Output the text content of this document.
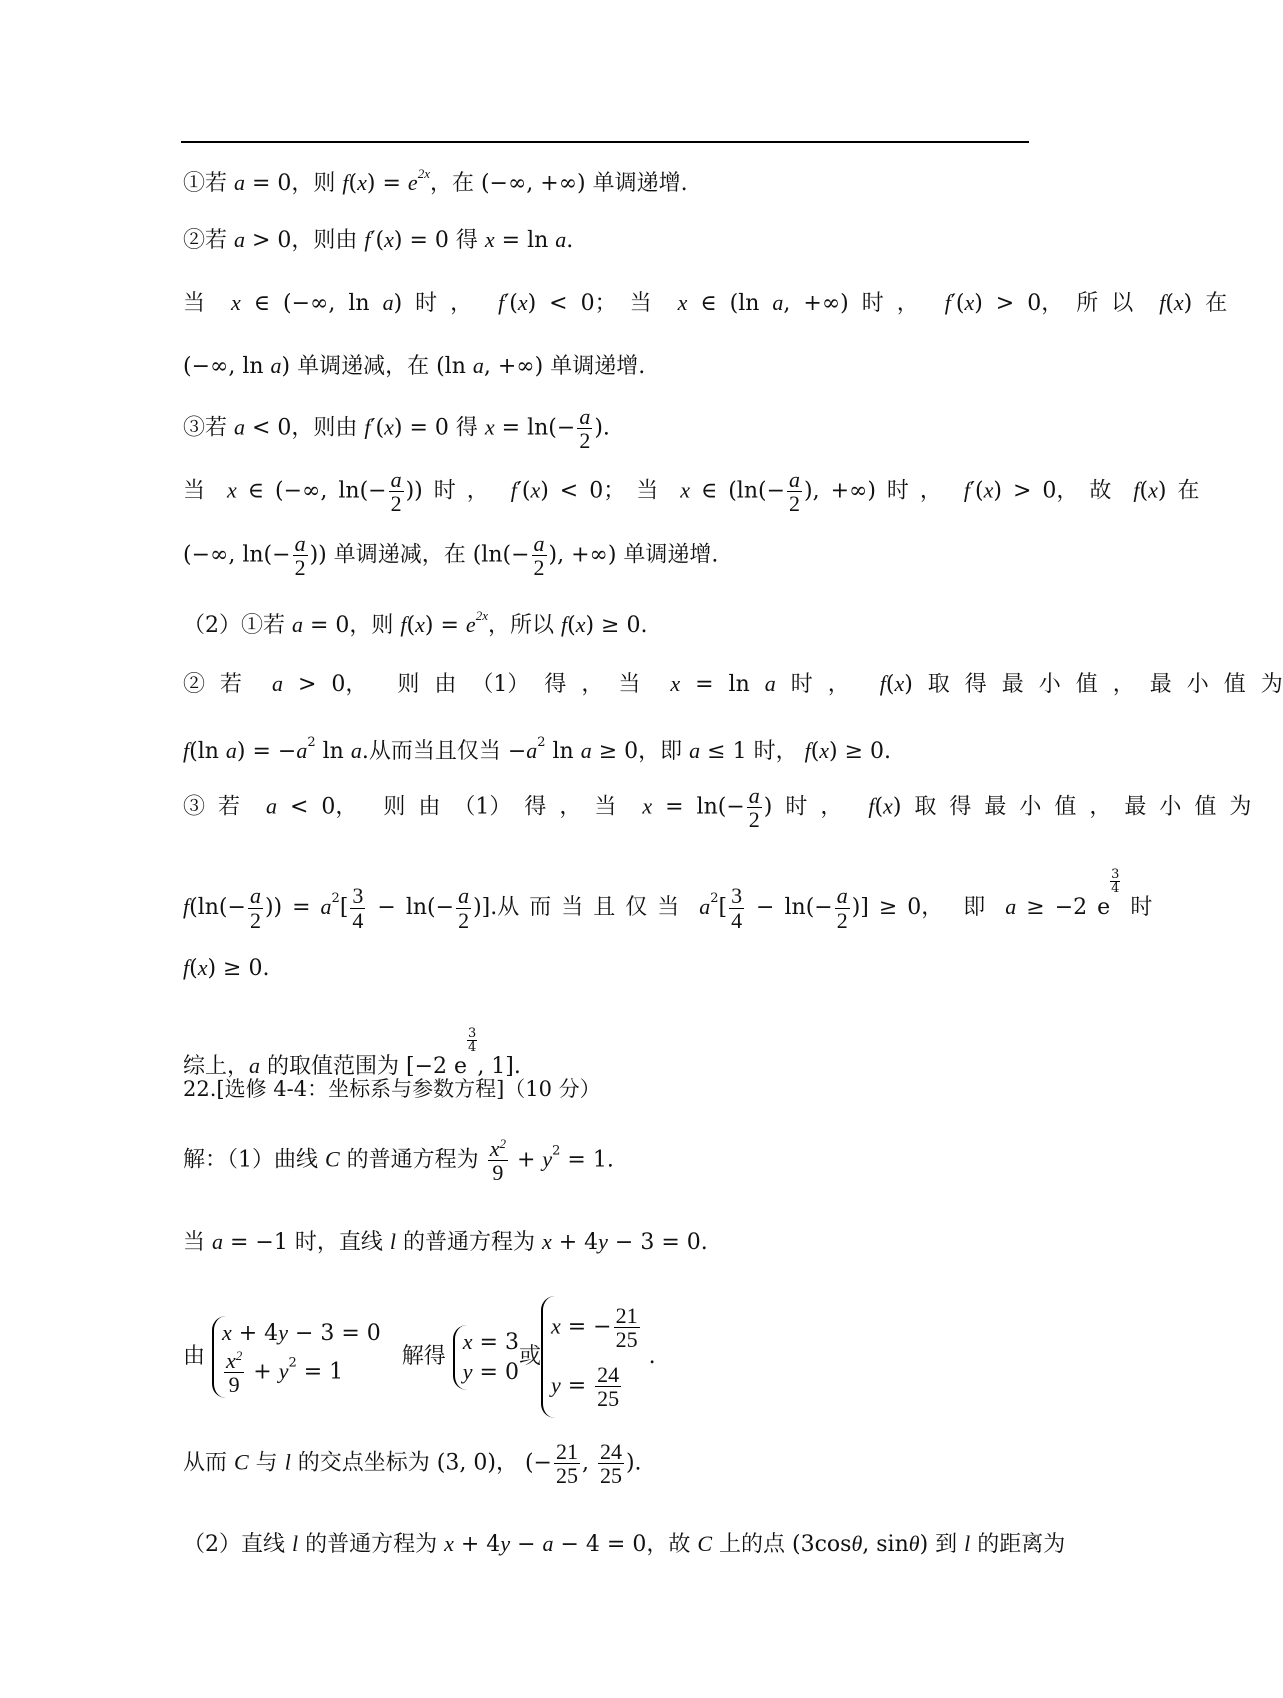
①若 a = 0，则 $f(x) = e^{2x}$，在 (−∞, +∞) 单调递增.
②若 a > 0，则由 f′(x) = 0 得 x = ln a.
当  x ∈ (−∞, ln a) 时 ，  f′(x) < 0； 当  x ∈ (ln a, +∞) 时 ，  f′(x) > 0， 所 以  f(x) 在
(−∞, ln a) 单调递减，在 (ln a, +∞) 单调递增.
③若 a < 0，则由 f′(x) = 0 得 $x = \ln(- \frac{a}{2}$ ).
当  x ∈ (−∞, $\ln(- \frac{a}{2}$ )) 时 ，  f′(x) < 0； 当  x ∈ ($\ln(- \frac{a}{2}$ ), +∞) 时 ，  f′(x) > 0， 故  f(x) 在
(−∞, $\ln(- \frac{a}{2}$ )) 单调递减，在 ($\ln(- \frac{a}{2}$ ), +∞) 单调递增.
（2）①若 a = 0，则 $f(x) = e^{2x}$，所以 f(x) ≥ 0.
② 若  a > 0，  则 由 （1） 得 ， 当  x = ln a 时 ，  f(x) 取 得 最 小 值 ， 最 小 值 为
f(ln $a) = -a^2$ ln a.从而当且仅当 $-a^2$ ln a ≥ 0，即 a ≤ 1 时， f(x) ≥ 0.
③ 若  a < 0，  则 由 （1） 得 ， 当  $x = \ln(- \frac{a}{2}$ ) 时 ，  f(x) 取 得 最 小 值 ， 最 小 值 为
$f(\ln(- \frac{a}{2}$ )) = $a^2[ \frac{3}{4} - \ln(- \frac{a}{2}$ )].从 而 当 且 仅 当  $a^2[ \frac{3}{4} - \ln(- \frac{a}{2}$ )] ≥ 0，  即  a ≥ −2 e
$\frac{3}{4}$
时
f(x) ≥ 0.
综上，a 的取值范围为 [−2 e
$\frac{3}{4}$
, 1].
22.[选修 4-4：坐标系与参数方程]（10 分）
解：（1）曲线 C 的普通方程为 $\frac{x^2}{9} + y^2 = 1$.
当 a = −1 时，直线 l 的普通方程为 x + 4y − 3 = 0.
由
x + 4y − 3 = 0
$\frac{x^2}{9} + y^2 = 1$
解得
x = 3
y = 0
或
x = − $\frac{21}{25}$
$y = \frac{24}{25}$
.
从而 C 与 l 的交点坐标为 (3, 0)， (− $\frac{21}{25}$ , $\frac{24}{25}$ ).
（2）直线 l 的普通方程为 x + 4y − a − 4 = 0，故 C 上的点 (3cosθ, sinθ) 到 l 的距离为
